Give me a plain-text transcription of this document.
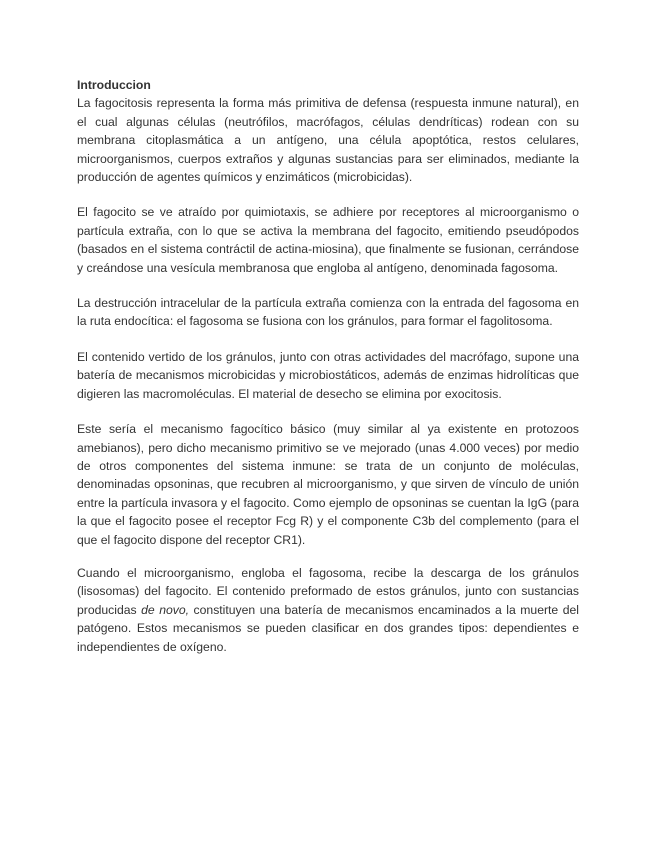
Introduccion

La fagocitosis representa la forma más primitiva de defensa (respuesta inmune natural), en el cual algunas células (neutrófilos, macrófagos, células dendríticas) rodean con su membrana citoplasmática a un antígeno, una célula apoptótica, restos celulares, microorganismos, cuerpos extraños y algunas sustancias para ser eliminados, mediante la producción de agentes químicos y enzimáticos (microbicidas).

El fagocito se ve atraído por quimiotaxis, se adhiere por receptores al microorganismo o partícula extraña, con lo que se activa la membrana del fagocito, emitiendo pseudópodos (basados en el sistema contráctil de actina-miosina), que finalmente se fusionan, cerrándose y creándose una vesícula membranosa que engloba al antígeno, denominada fagosoma.

La destrucción intracelular de la partícula extraña comienza con la entrada del fagosoma en la ruta endocítica: el fagosoma se fusiona con los gránulos, para formar el fagolitosoma.

El contenido vertido de los gránulos, junto con otras actividades del macrófago, supone una batería de mecanismos microbicidas y microbiostáticos, además de enzimas hidrolíticas que digieren las macromoléculas. El material de desecho se elimina por exocitosis.

Este sería el mecanismo fagocítico básico (muy similar al ya existente en protozoos amebianos), pero dicho mecanismo primitivo se ve mejorado (unas 4.000 veces) por medio de otros componentes del sistema inmune: se trata de un conjunto de moléculas, denominadas opsoninas, que recubren al microorganismo, y que sirven de vínculo de unión entre la partícula invasora y el fagocito. Como ejemplo de opsoninas se cuentan la IgG (para la que el fagocito posee el receptor Fcg R) y el componente C3b del complemento (para el que el fagocito dispone del receptor CR1).

Cuando el microorganismo, engloba el fagosoma, recibe la descarga de los gránulos (lisosomas) del fagocito. El contenido preformado de estos gránulos, junto con sustancias producidas de novo, constituyen una batería de mecanismos encaminados a la muerte del patógeno. Estos mecanismos se pueden clasificar en dos grandes tipos: dependientes e independientes de oxígeno.
